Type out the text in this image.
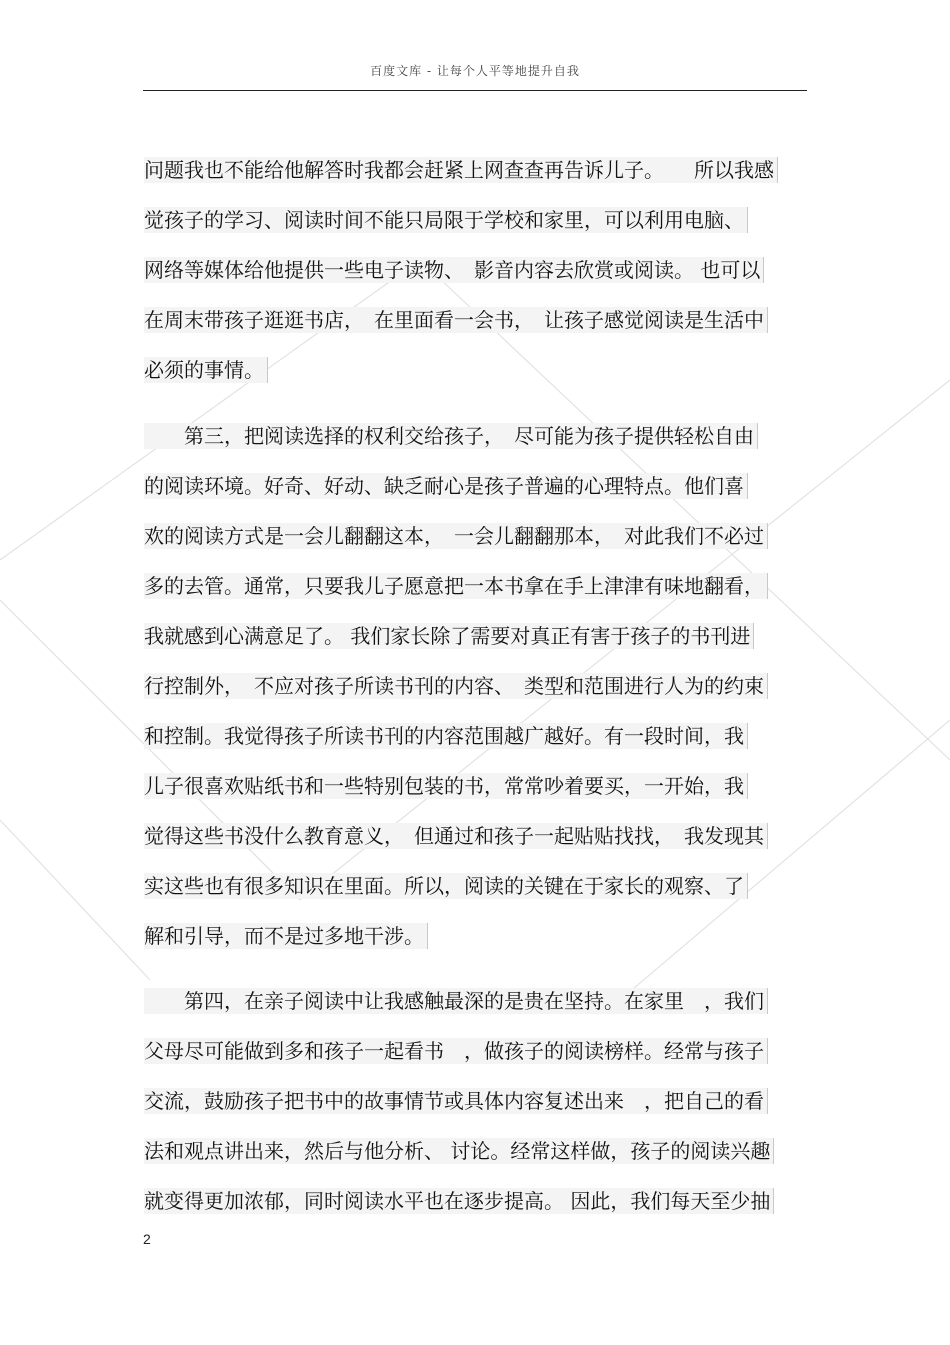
百度文库 - 让每个人平等地提升自我
问题我也不能给他解答时我都会赶紧上网查查再告诉儿子。　　所以我感
觉孩子的学习、阅读时间不能只局限于学校和家里，可以利用电脑、
网络等媒体给他提供一些电子读物、　影音内容去欣赏或阅读。 也可以
在周末带孩子逛逛书店，　在里面看一会书，　让孩子感觉阅读是生活中
必须的事情。
　　第三，把阅读选择的权利交给孩子，　尽可能为孩子提供轻松自由
的阅读环境。好奇、好动、缺乏耐心是孩子普遍的心理特点。他们喜
欢的阅读方式是一会儿翻翻这本，　一会儿翻翻那本，　对此我们不必过
多的去管。通常，只要我儿子愿意把一本书拿在手上津津有味地翻看，
我就感到心满意足了。 我们家长除了需要对真正有害于孩子的书刊进
行控制外，　不应对孩子所读书刊的内容、　类型和范围进行人为的约束
和控制。我觉得孩子所读书刊的内容范围越广越好。有一段时间，我
儿子很喜欢贴纸书和一些特别包装的书，常常吵着要买，一开始，我
觉得这些书没什么教育意义，　但通过和孩子一起贴贴找找，　我发现其
实这些也有很多知识在里面。所以，阅读的关键在于家长的观察、了
解和引导，而不是过多地干涉。
　　第四，在亲子阅读中让我感触最深的是贵在坚持。在家里　，我们
父母尽可能做到多和孩子一起看书　，做孩子的阅读榜样。经常与孩子
交流，鼓励孩子把书中的故事情节或具体内容复述出来　，把自己的看
法和观点讲出来，然后与他分析、 讨论。经常这样做，孩子的阅读兴趣
就变得更加浓郁，同时阅读水平也在逐步提高。 因此，我们每天至少抽
2
